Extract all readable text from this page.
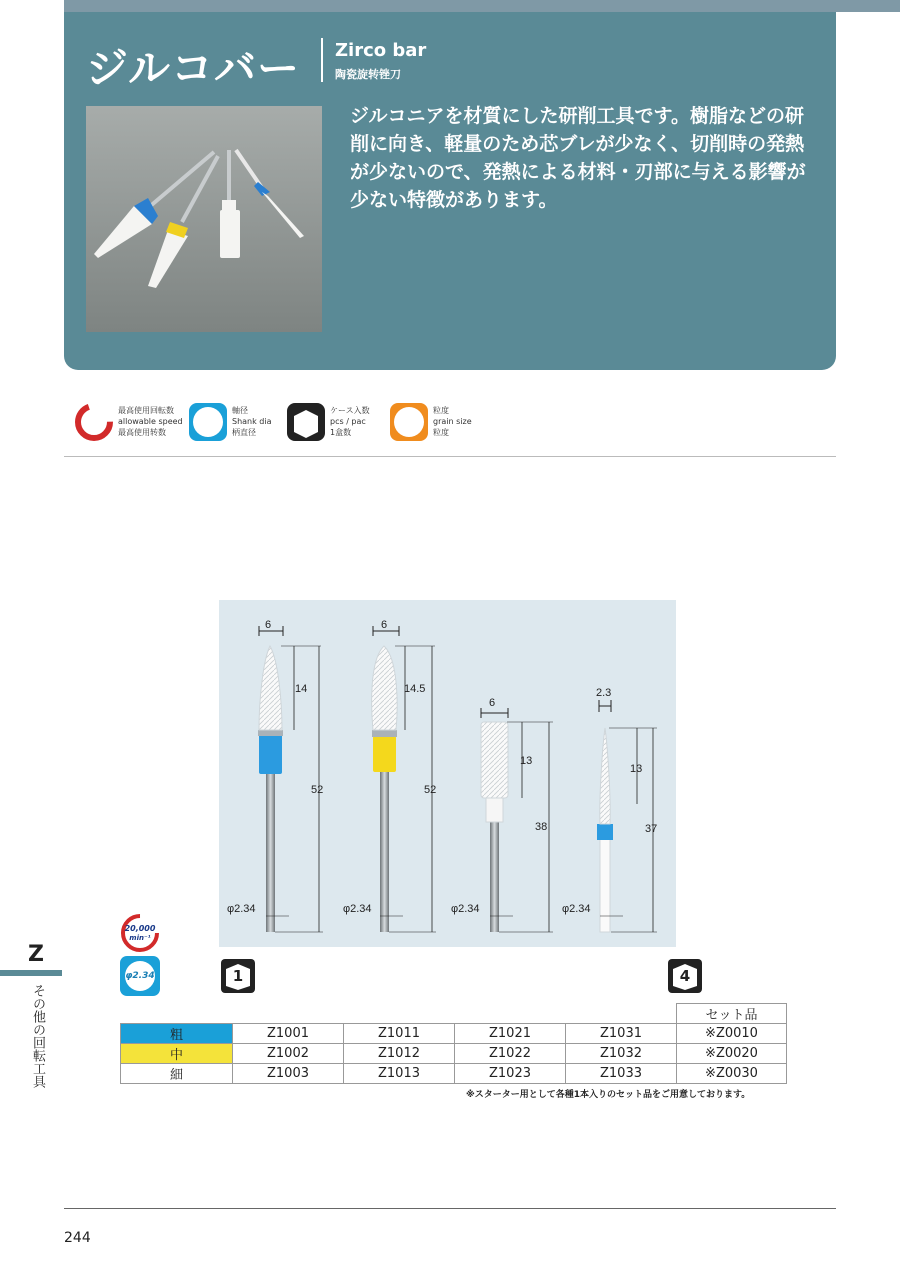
ジルコバー Zirco bar
陶瓷旋转锉刀
ジルコニアを材質にした研削工具です。樹脂などの研削に向き、軽量のため芯ブレが少なく、切削時の発熱が少ないので、発熱による材料・刃部に与える影響が少ない特徴があります。
最高使用回転数
allowable speed
最高使用转数
軸径
Shank dia
柄直径
ケース入数
pcs / pac
1盒数
粒度
grain size
粒度
6
14
52
φ2.34
6
14.5
52
φ2.34
6
13
38
φ2.34
2.3
13
37
φ2.34
20,000
min⁻¹
φ2.34	1	4
Z
その他の回転工具
						セット品
粗	Z1001	Z1011	Z1021	Z1031	※Z0010
中	Z1002	Z1012	Z1022	Z1032	※Z0020
細	Z1003	Z1013	Z1023	Z1033	※Z0030
※スターター用として各種1本入りのセット品をご用意しております。
244
